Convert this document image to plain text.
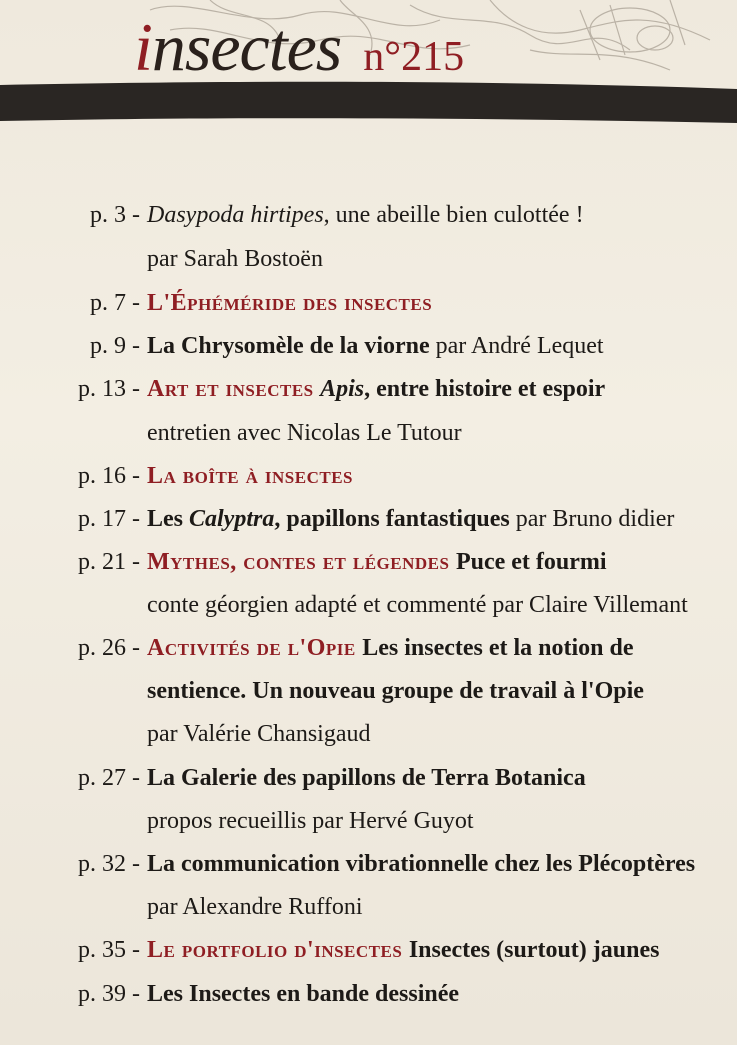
insectes n°215
p. 3 - Dasypoda hirtipes, une abeille bien culottée !
par Sarah Bostoën
p. 7 - L'Éphéméride des insectes
p. 9 - La Chrysomèle de la viorne par André Lequet
p. 13 - Art et insectes Apis, entre histoire et espoir
entretien avec Nicolas Le Tutour
p. 16 - La boîte à insectes
p. 17 - Les Calyptra, papillons fantastiques par Bruno didier
p. 21 - Mythes, contes et légendes Puce et fourmi
conte géorgien adapté et commenté par Claire Villemant
p. 26 - Activités de l'Opie Les insectes et la notion de
sentience. Un nouveau groupe de travail à l'Opie
par Valérie Chansigaud
p. 27 - La Galerie des papillons de Terra Botanica
propos recueillis par Hervé Guyot
p. 32 - La communication vibrationnelle chez les Plécoptères
par Alexandre Ruffoni
p. 35 - Le portfolio d'insectes Insectes (surtout) jaunes
p. 39 - Les Insectes en bande dessinée
